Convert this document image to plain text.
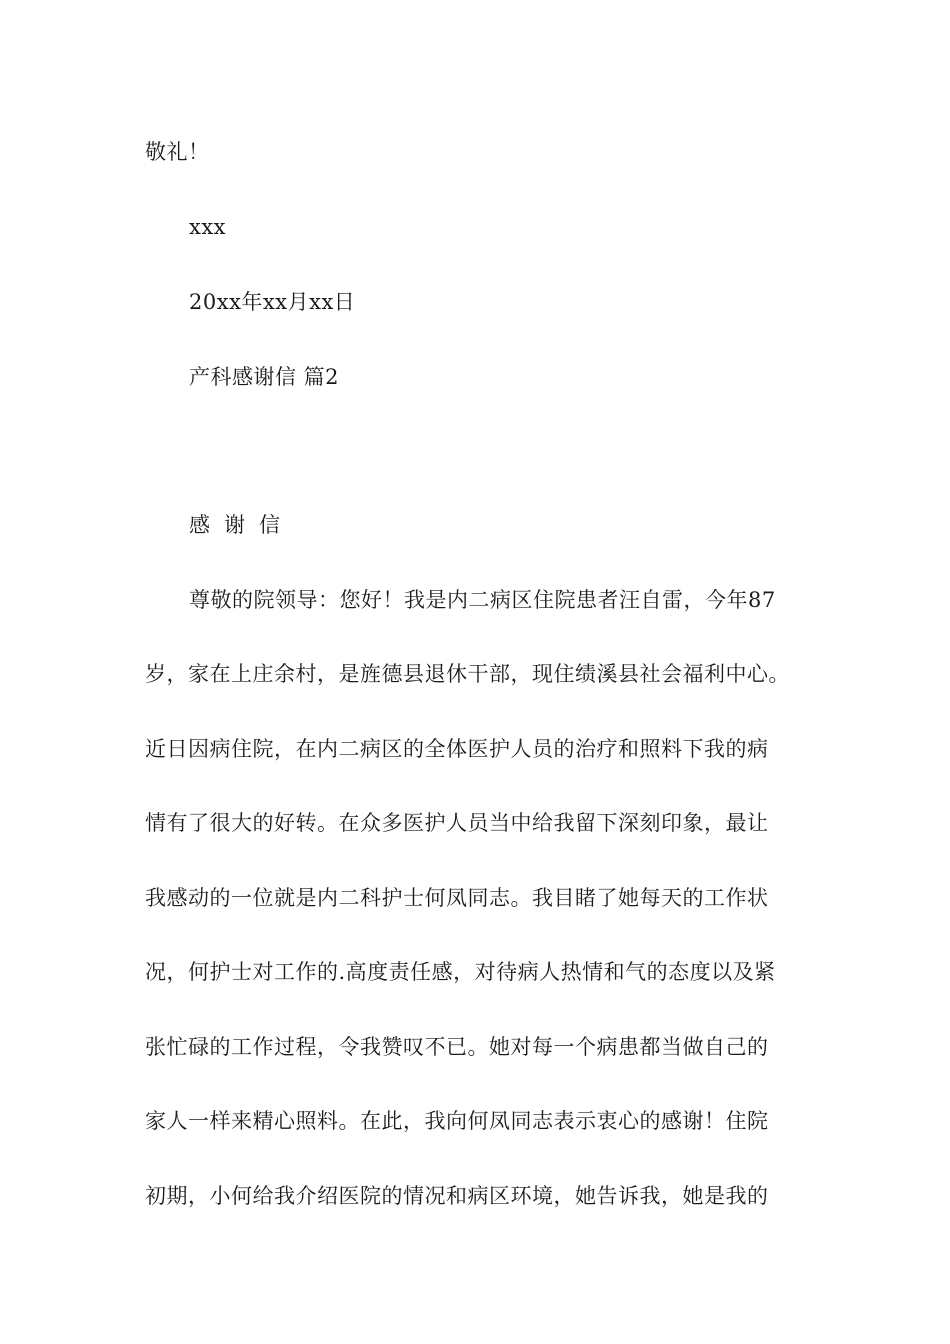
敬礼！
xxx
20xx年xx月xx日
产科感谢信 篇2
感谢信
尊敬的院领导：您好！我是内二病区住院患者汪自雷，今年87
岁，家在上庄余村，是旌德县退休干部，现住绩溪县社会福利中心。
近日因病住院，在内二病区的全体医护人员的治疗和照料下我的病
情有了很大的好转。在众多医护人员当中给我留下深刻印象，最让
我感动的一位就是内二科护士何凤同志。我目睹了她每天的工作状
况，何护士对工作的.高度责任感，对待病人热情和气的态度以及紧
张忙碌的工作过程，令我赞叹不已。她对每一个病患都当做自己的
家人一样来精心照料。在此，我向何凤同志表示衷心的感谢！住院
初期，小何给我介绍医院的情况和病区环境，她告诉我，她是我的
